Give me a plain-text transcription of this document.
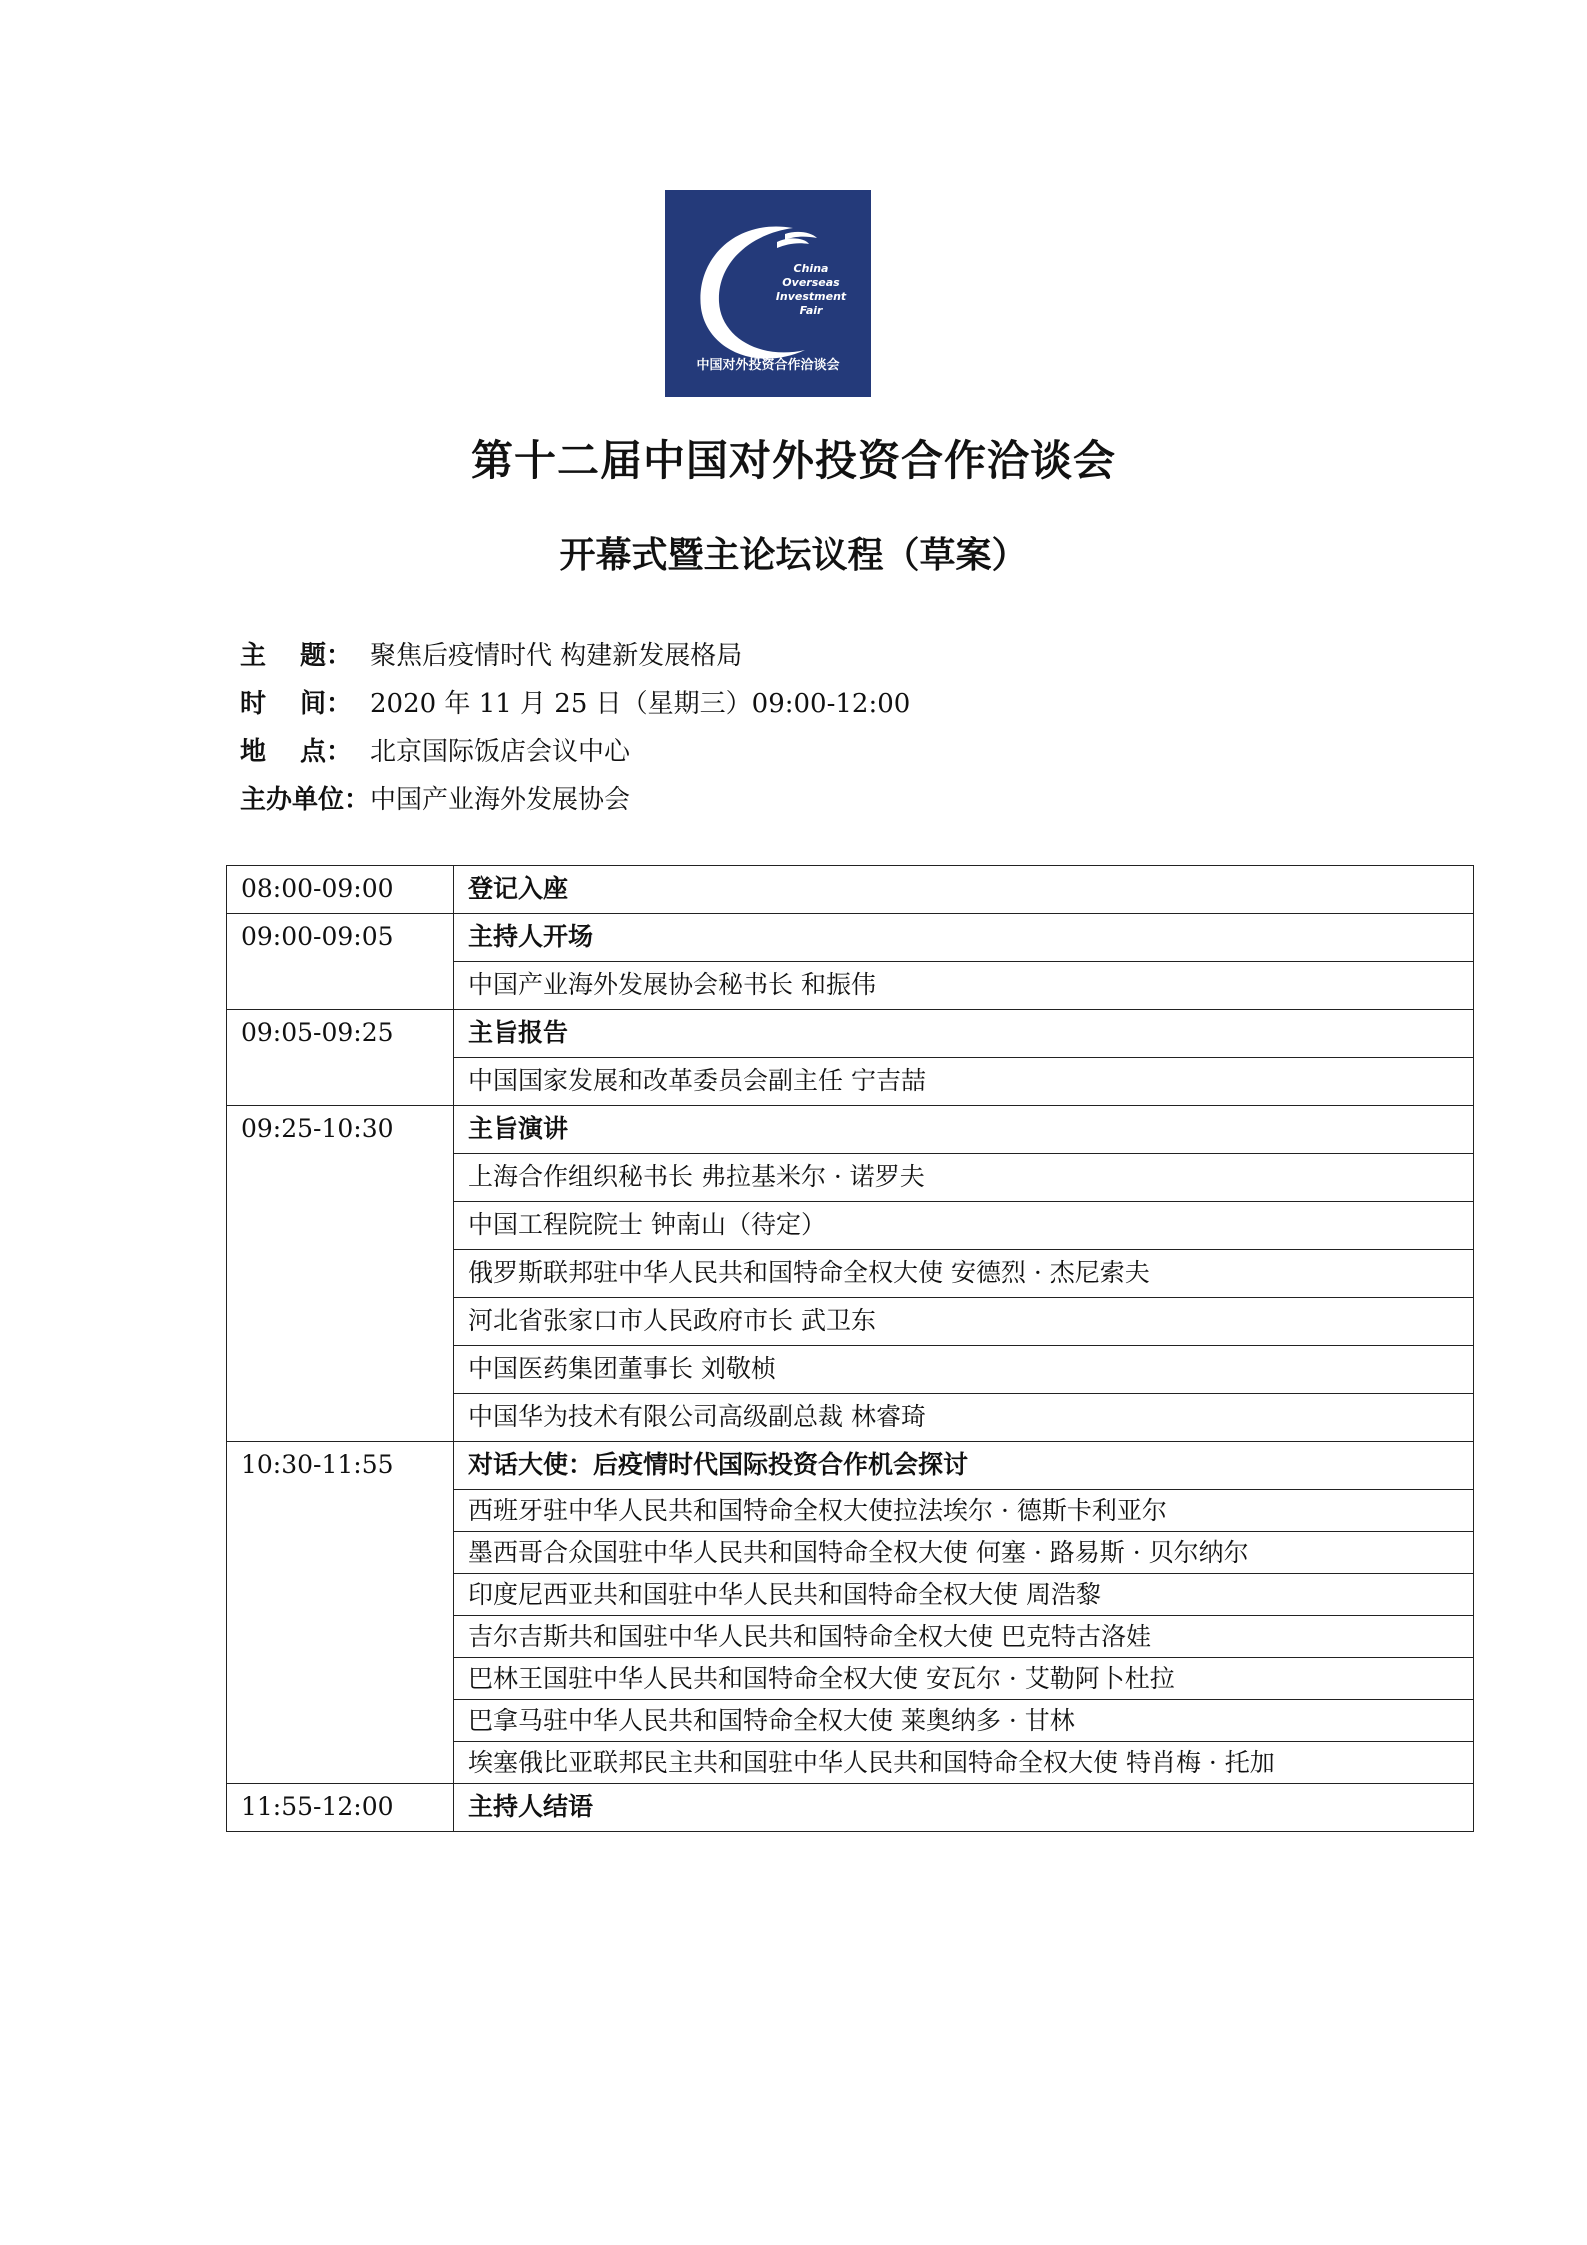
China
Overseas
Investment
Fair
中国对外投资合作洽谈会
第十二届中国对外投资合作洽谈会
开幕式暨主论坛议程（草案）
主 题： 聚焦后疫情时代 构建新发展格局
时 间： 2020 年 11 月 25 日（星期三）09:00-12:00
地 点： 北京国际饭店会议中心
主办单位：中国产业海外发展协会
08:00-09:00	登记入座
09:00-09:05	主持人开场
	中国产业海外发展协会秘书长 和振伟
09:05-09:25	主旨报告
	中国国家发展和改革委员会副主任 宁吉喆
09:25-10:30	主旨演讲
	上海合作组织秘书长 弗拉基米尔 · 诺罗夫
	中国工程院院士 钟南山（待定）
	俄罗斯联邦驻中华人民共和国特命全权大使 安德烈 · 杰尼索夫
	河北省张家口市人民政府市长 武卫东
	中国医药集团董事长 刘敬桢
	中国华为技术有限公司高级副总裁 林睿琦
10:30-11:55	对话大使：后疫情时代国际投资合作机会探讨
	西班牙驻中华人民共和国特命全权大使拉法埃尔 · 德斯卡利亚尔
	墨西哥合众国驻中华人民共和国特命全权大使 何塞 · 路易斯 · 贝尔纳尔
	印度尼西亚共和国驻中华人民共和国特命全权大使 周浩黎
	吉尔吉斯共和国驻中华人民共和国特命全权大使 巴克特古洛娃
	巴林王国驻中华人民共和国特命全权大使 安瓦尔 · 艾勒阿卜杜拉
	巴拿马驻中华人民共和国特命全权大使 莱奥纳多 · 甘林
	埃塞俄比亚联邦民主共和国驻中华人民共和国特命全权大使 特肖梅 · 托加
11:55-12:00	主持人结语
